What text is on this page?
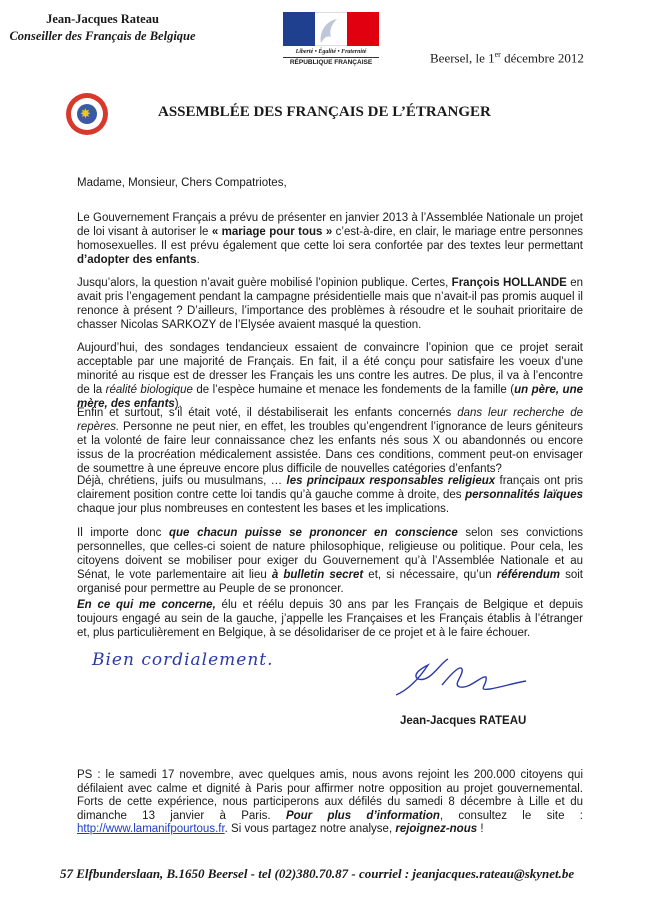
Jean-Jacques Rateau
Conseiller des Français de Belgique
Liberté • Égalité • Fraternité
RÉPUBLIQUE FRANÇAISE	Beersel, le 1er décembre 2012
✸	ASSEMBLÉE DES FRANÇAIS DE L’ÉTRANGER
Madame, Monsieur, Chers Compatriotes,

Le Gouvernement Français a prévu de présenter en janvier 2013 à l’Assemblée Nationale un projet de loi visant à autoriser le « mariage pour tous » c’est-à-dire, en clair, le mariage entre personnes homosexuelles. Il est prévu également que cette loi sera confortée par des textes leur permettant d’adopter des enfants.

Jusqu’alors, la question n’avait guère mobilisé l’opinion publique. Certes, François HOLLANDE en avait pris l’engagement pendant la campagne présidentielle mais que n’avait-il pas promis auquel il renonce à présent ? D’ailleurs, l’importance des problèmes à résoudre et le souhait prioritaire de chasser Nicolas SARKOZY de l’Elysée avaient masqué la question.

Aujourd’hui, des sondages tendancieux essaient de convaincre l’opinion que ce projet serait acceptable par une majorité de Français. En fait, il a été conçu pour satisfaire les voeux d’une minorité au risque est de dresser les Français les uns contre les autres. De plus, il va à l’encontre de la réalité biologique de l’espèce humaine et menace les fondements de la famille (un père, une mère, des enfants).

Enfin et surtout, s’il était voté, il déstabiliserait les enfants concernés dans leur recherche de repères. Personne ne peut nier, en effet, les troubles qu’engendrent l’ignorance de leurs géniteurs et la volonté de faire leur connaissance chez les enfants nés sous X ou abandonnés ou encore issus de la procréation médicalement assistée. Dans ces conditions, comment peut-on envisager de soumettre à une épreuve encore plus difficile de nouvelles catégories d’enfants?

Déjà, chrétiens, juifs ou musulmans, … les principaux responsables religieux français ont pris clairement position contre cette loi tandis qu’à gauche comme à droite, des personnalités laïques chaque jour plus nombreuses en contestent les bases et les implications.

Il importe donc que chacun puisse se prononcer en conscience selon ses convictions personnelles, que celles-ci soient de nature philosophique, religieuse ou politique. Pour cela, les citoyens doivent se mobiliser pour exiger du Gouvernement qu’à l’Assemblée Nationale et au Sénat, le vote parlementaire ait lieu à bulletin secret et, si nécessaire, qu’un référendum soit organisé pour permettre au Peuple de se prononcer.

En ce qui me concerne, élu et réélu depuis 30 ans par les Français de Belgique et depuis toujours engagé au sein de la gauche, j’appelle les Françaises et les Français établis à l’étranger et, plus particulièrement en Belgique, à se désolidariser de ce projet et à le faire échouer.

Bien cordialement.
Jean-Jacques RATEAU

PS : le samedi 17 novembre, avec quelques amis, nous avons rejoint les 200.000 citoyens qui défilaient avec calme et dignité à Paris pour affirmer notre opposition au projet gouvernemental. Forts de cette expérience, nous participerons aux défilés du samedi 8 décembre à Lille et du dimanche 13 janvier à Paris. Pour plus d’information, consultez le site : http://www.lamanifpourtous.fr. Si vous partagez notre analyse, rejoignez-nous !

57 Elfbunderslaan, B.1650 Beersel - tel (02)380.70.87 - courriel : jeanjacques.rateau@skynet.be
